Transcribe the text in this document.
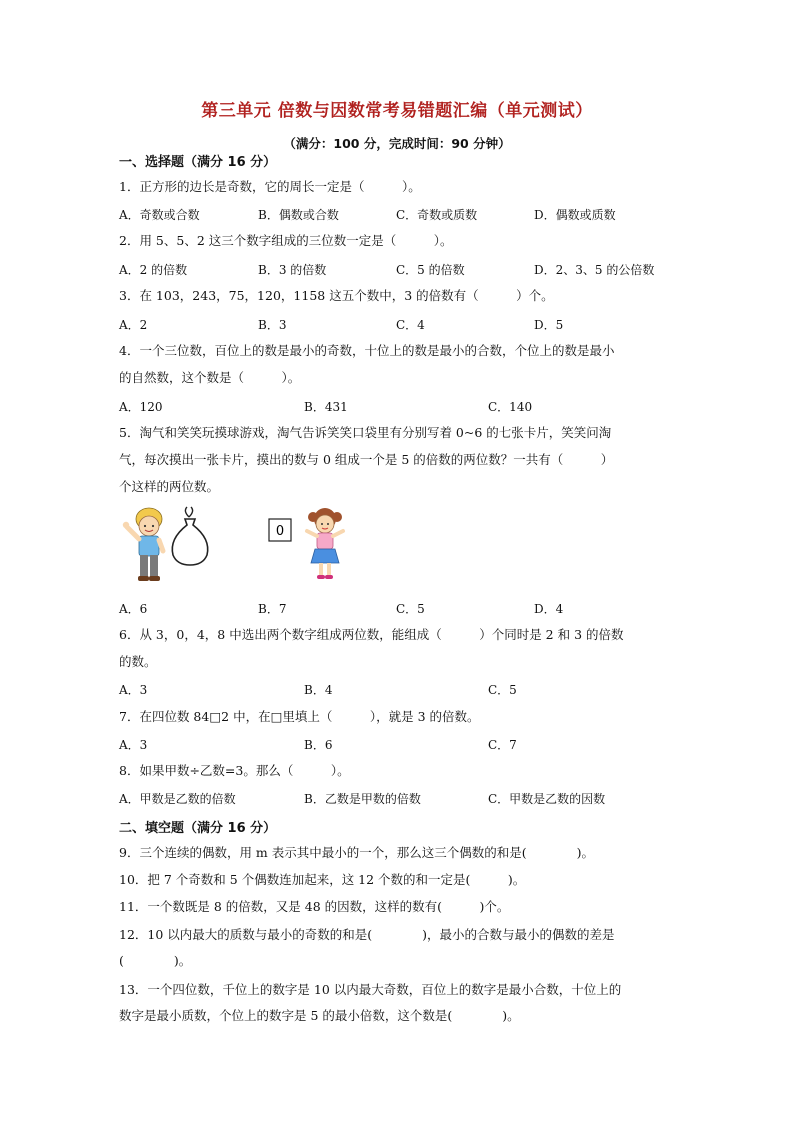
第三单元 倍数与因数常考易错题汇编（单元测试）
（满分：100 分，完成时间：90 分钟）
一、选择题（满分 16 分）
1．正方形的边长是奇数，它的周长一定是（　　　）。
A．奇数或合数	B．偶数或合数	C．奇数或质数	D．偶数或质数
2．用 5、5、2 这三个数字组成的三位数一定是（　　　）。
A．2 的倍数	B．3 的倍数	C．5 的倍数	D．2、3、5 的公倍数
3．在 103，243，75，120，1158 这五个数中，3 的倍数有（　　　）个。
A．2	B．3	C．4	D．5
4．一个三位数，百位上的数是最小的奇数，十位上的数是最小的合数，个位上的数是最小
的自然数，这个数是（　　　）。
A．120	B．431	C．140
5．淘气和笑笑玩摸球游戏，淘气告诉笑笑口袋里有分别写着 0~6 的七张卡片，笑笑问淘
气，每次摸出一张卡片，摸出的数与 0 组成一个是 5 的倍数的两位数？一共有（　　　）
个这样的两位数。
0
A．6	B．7	C．5	D．4
6．从 3，0，4，8 中选出两个数字组成两位数，能组成（　　　）个同时是 2 和 3 的倍数
的数。
A．3	B．4	C．5
7．在四位数 84□2 中，在□里填上（　　　），就是 3 的倍数。
A．3	B．6	C．7
8．如果甲数÷乙数=3。那么（　　　）。
A．甲数是乙数的倍数	B．乙数是甲数的倍数	C．甲数是乙数的因数
二、填空题（满分 16 分）
9．三个连续的偶数，用 m 表示其中最小的一个，那么这三个偶数的和是(　　　　)。
10．把 7 个奇数和 5 个偶数连加起来，这 12 个数的和一定是(　　　)。
11．一个数既是 8 的倍数，又是 48 的因数，这样的数有(　　　)个。
12．10 以内最大的质数与最小的奇数的和是(　　　　)，最小的合数与最小的偶数的差是
(　　　　)。
13．一个四位数，千位上的数字是 10 以内最大奇数，百位上的数字是最小合数，十位上的
数字是最小质数，个位上的数字是 5 的最小倍数，这个数是(　　　　)。
